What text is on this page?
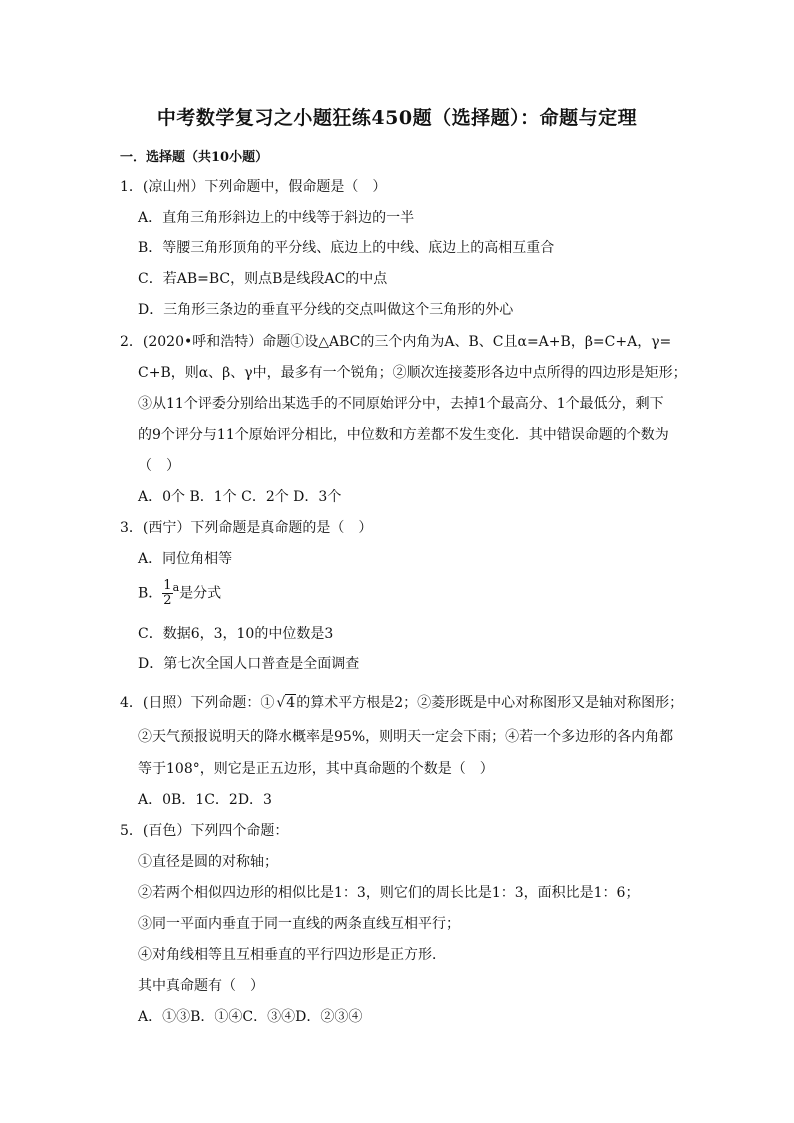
中考数学复习之小题狂练450题（选择题）：命题与定理
一．选择题（共10小题）
1．(凉山州）下列命题中，假命题是（　）
A．直角三角形斜边上的中线等于斜边的一半
B．等腰三角形顶角的平分线、底边上的中线、底边上的高相互重合
C．若AB=BC，则点B是线段AC的中点
D．三角形三条边的垂直平分线的交点叫做这个三角形的外心
2．(2020•呼和浩特）命题①设△ABC的三个内角为A、B、C且α=A+B，β=C+A，γ=
C+B，则α、β、γ中，最多有一个锐角；②顺次连接菱形各边中点所得的四边形是矩形；
③从11个评委分别给出某选手的不同原始评分中，去掉1个最高分、1个最低分，剩下
的9个评分与11个原始评分相比，中位数和方差都不发生变化．其中错误命题的个数为
（　）
A．0个 B．1个 C．2个 D．3个
3．(西宁）下列命题是真命题的是（　）
A．同位角相等
B． $\frac{1}{2} ^a$是分式
C．数据6，3，10的中位数是3
D．第七次全国人口普查是全面调查
4．(日照）下列命题：① √4的算术平方根是2；②菱形既是中心对称图形又是轴对称图形；
②天气预报说明天的降水概率是95%，则明天一定会下雨；④若一个多边形的各内角都
等于108°，则它是正五边形，其中真命题的个数是（　）
A．0B．1C．2D．3
5．(百色）下列四个命题：
①直径是圆的对称轴；
②若两个相似四边形的相似比是1：3，则它们的周长比是1：3，面积比是1：6；
③同一平面内垂直于同一直线的两条直线互相平行；
④对角线相等且互相垂直的平行四边形是正方形．
其中真命题有（　）
A．①③B．①④C．③④D．②③④
